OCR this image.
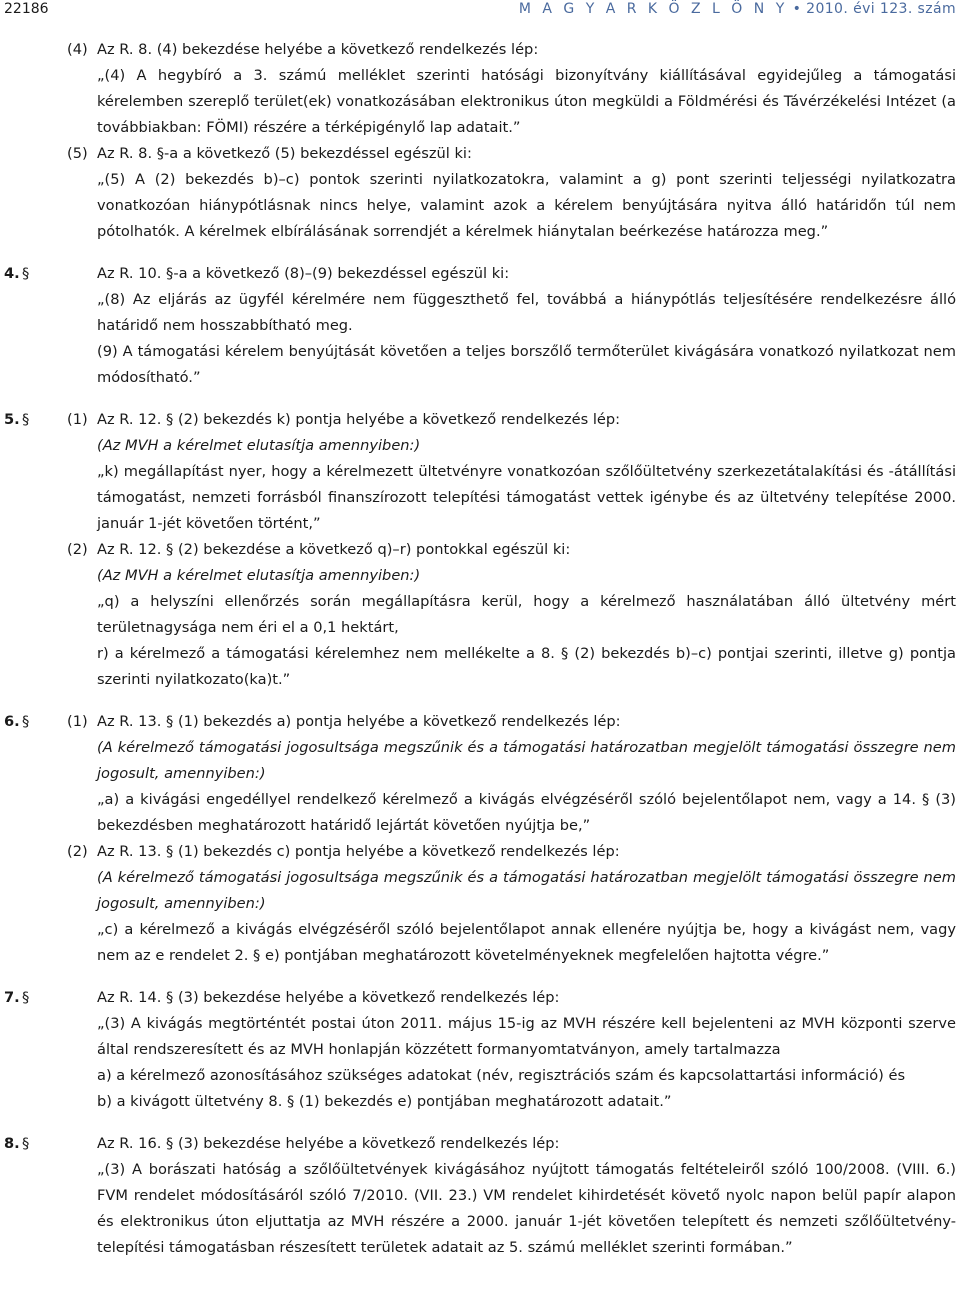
22186	M A G Y A R K Ö Z L Ö N Y • 2010. évi 123. szám
(4) Az R. 8. (4) bekezdése helyébe a következő rendelkezés lép:
„(4) A hegybíró a 3. számú melléklet szerinti hatósági bizonyítvány kiállításával egyidejűleg a támogatási kérelemben szereplő terület(ek) vonatkozásában elektronikus úton megküldi a Földmérési és Távérzékelési Intézet (a továbbiakban: FÖMI) részére a térképigénylő lap adatait.”
(5) Az R. 8. §-a a következő (5) bekezdéssel egészül ki:
„(5) A (2) bekezdés b)–c) pontok szerinti nyilatkozatokra, valamint a g) pont szerinti teljességi nyilatkozatra vonatkozóan hiánypótlásnak nincs helye, valamint azok a kérelem benyújtására nyitva álló határidőn túl nem pótolhatók. A kérelmek elbírálásának sorrendjét a kérelmek hiánytalan beérkezése határozza meg.”
4. §	Az R. 10. §-a a következő (8)–(9) bekezdéssel egészül ki:
„(8) Az eljárás az ügyfél kérelmére nem függeszthető fel, továbbá a hiánypótlás teljesítésére rendelkezésre álló határidő nem hosszabbítható meg.
(9) A támogatási kérelem benyújtását követően a teljes borszőlő termőterület kivágására vonatkozó nyilatkozat nem módosítható.”
5. §	(1) Az R. 12. § (2) bekezdés k) pontja helyébe a következő rendelkezés lép:
(Az MVH a kérelmet elutasítja amennyiben:)
„k) megállapítást nyer, hogy a kérelmezett ültetvényre vonatkozóan szőlőültetvény szerkezetátalakítási és -átállítási támogatást, nemzeti forrásból finanszírozott telepítési támogatást vettek igénybe és az ültetvény telepítése 2000. január 1-jét követően történt,”
(2) Az R. 12. § (2) bekezdése a következő q)–r) pontokkal egészül ki:
(Az MVH a kérelmet elutasítja amennyiben:)
„q) a helyszíni ellenőrzés során megállapításra kerül, hogy a kérelmező használatában álló ültetvény mért területnagysága nem éri el a 0,1 hektárt,
r) a kérelmező a támogatási kérelemhez nem mellékelte a 8. § (2) bekezdés b)–c) pontjai szerinti, illetve g) pontja szerinti nyilatkozato(ka)t.”
6. §	(1) Az R. 13. § (1) bekezdés a) pontja helyébe a következő rendelkezés lép:
(A kérelmező támogatási jogosultsága megszűnik és a támogatási határozatban megjelölt támogatási összegre nem jogosult, amennyiben:)
„a) a kivágási engedéllyel rendelkező kérelmező a kivágás elvégzéséről szóló bejelentőlapot nem, vagy a 14. § (3) bekezdésben meghatározott határidő lejártát követően nyújtja be,”
(2) Az R. 13. § (1) bekezdés c) pontja helyébe a következő rendelkezés lép:
(A kérelmező támogatási jogosultsága megszűnik és a támogatási határozatban megjelölt támogatási összegre nem jogosult, amennyiben:)
„c) a kérelmező a kivágás elvégzéséről szóló bejelentőlapot annak ellenére nyújtja be, hogy a kivágást nem, vagy nem az e rendelet 2. § e) pontjában meghatározott követelményeknek megfelelően hajtotta végre.”
7. §	Az R. 14. § (3) bekezdése helyébe a következő rendelkezés lép:
„(3) A kivágás megtörténtét postai úton 2011. május 15-ig az MVH részére kell bejelenteni az MVH központi szerve által rendszeresített és az MVH honlapján közzétett formanyomtatványon, amely tartalmazza
a) a kérelmező azonosításához szükséges adatokat (név, regisztrációs szám és kapcsolattartási információ) és
b) a kivágott ültetvény 8. § (1) bekezdés e) pontjában meghatározott adatait.”
8. §	Az R. 16. § (3) bekezdése helyébe a következő rendelkezés lép:
„(3) A borászati hatóság a szőlőültetvények kivágásához nyújtott támogatás feltételeiről szóló 100/2008. (VIII. 6.) FVM rendelet módosításáról szóló 7/2010. (VII. 23.) VM rendelet kihirdetését követő nyolc napon belül papír alapon és elektronikus úton eljuttatja az MVH részére a 2000. január 1-jét követően telepített és nemzeti szőlőültetvény-telepítési támogatásban részesített területek adatait az 5. számú melléklet szerinti formában.”
